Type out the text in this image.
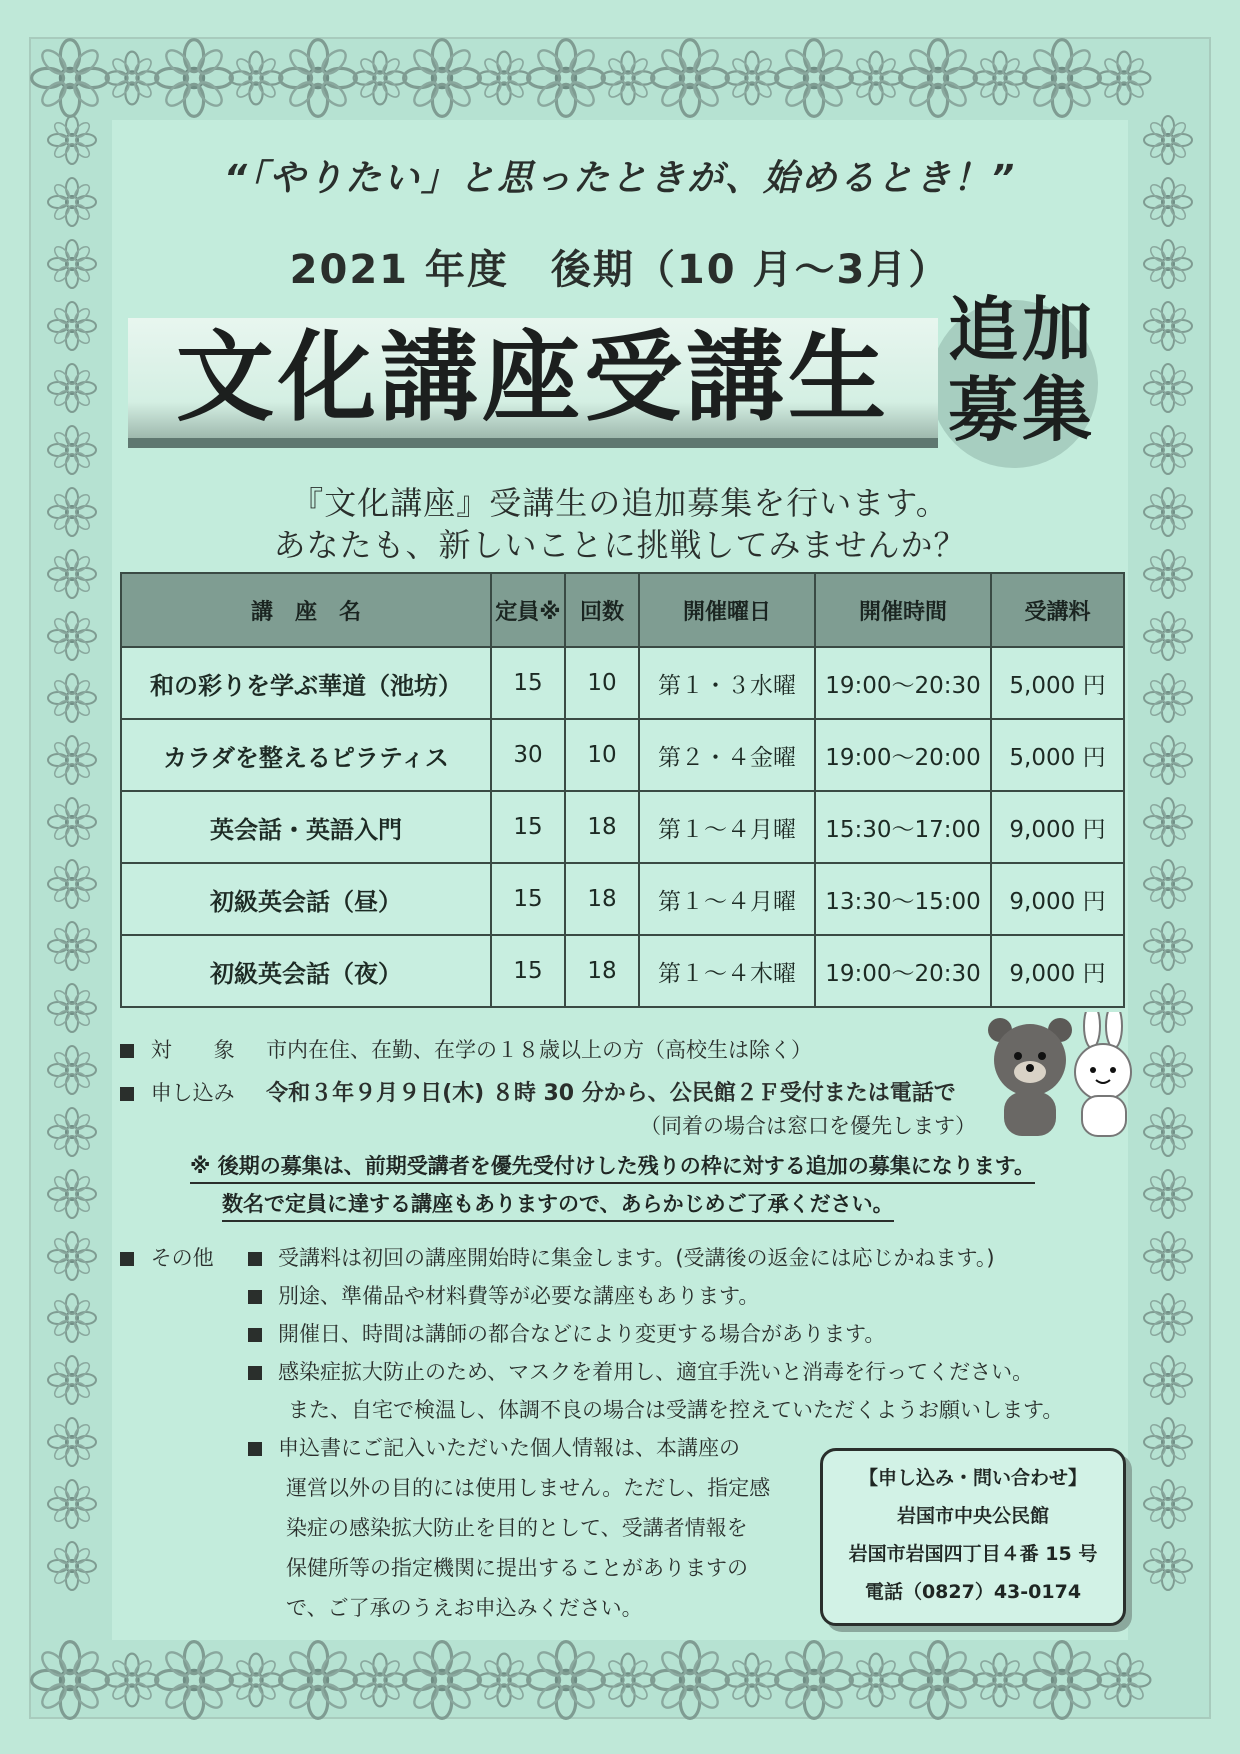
“「やりたい」と思ったときが、始めるとき！”
2021 年度　後期（10 月～3月）
文化講座受講生 追加
募集
『文化講座』受講生の追加募集を行います。
あなたも、新しいことに挑戦してみませんか？
講　座　名	定員※	回数	開催曜日	開催時間	受講料
和の彩りを学ぶ華道（池坊）	15	10	第１・３水曜	19:00～20:30	5,000 円
カラダを整えるピラティス	30	10	第２・４金曜	19:00～20:00	5,000 円
英会話・英語入門	15	18	第１～４月曜	15:30～17:00	9,000 円
初級英会話（昼）	15	18	第１～４月曜	13:30～15:00	9,000 円
初級英会話（夜）	15	18	第１～４木曜	19:00～20:30	9,000 円
対　　象 市内在住、在勤、在学の１８歳以上の方（高校生は除く）
申し込み 令和３年９月９日(木) ８時 30 分から、公民館２Ｆ受付または電話で
（同着の場合は窓口を優先します）
※ 後期の募集は、前期受講者を優先受付けした残りの枠に対する追加の募集になります。
数名で定員に達する講座もありますので、あらかじめご了承ください。
その他	受講料は初回の講座開始時に集金します。(受講後の返金には応じかねます。)
別途、準備品や材料費等が必要な講座もあります。
開催日、時間は講師の都合などにより変更する場合があります。
感染症拡大防止のため、マスクを着用し、適宜手洗いと消毒を行ってください。
また、自宅で検温し、体調不良の場合は受講を控えていただくようお願いします。
申込書にご記入いただいた個人情報は、本講座の
運営以外の目的には使用しません。ただし、指定感
染症の感染拡大防止を目的として、受講者情報を
保健所等の指定機関に提出することがありますの
で、ご了承のうえお申込みください。
【申し込み・問い合わせ】
岩国市中央公民館
岩国市岩国四丁目４番 15 号
電話（0827）43-0174
